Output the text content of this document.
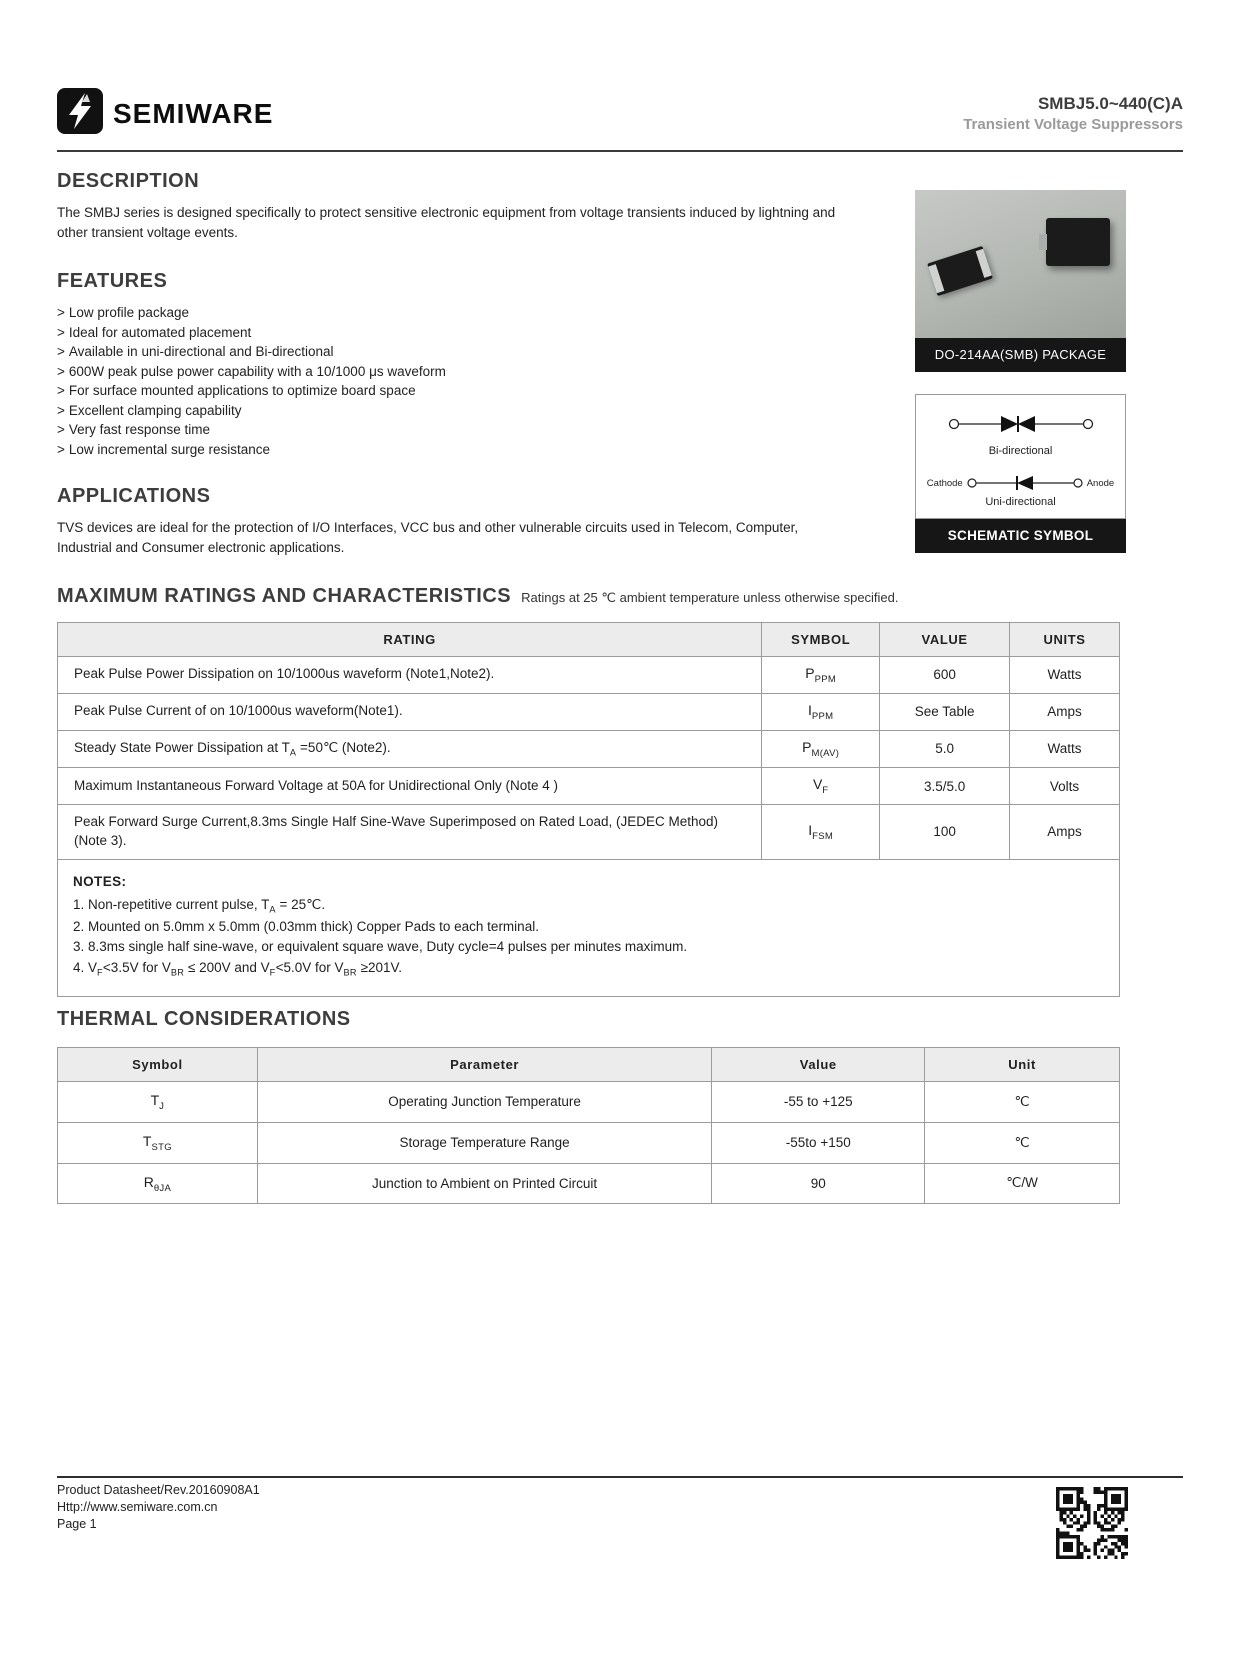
SEMIWARE	SMBJ5.0~440(C)A
Transient Voltage Suppressors
DESCRIPTION

The SMBJ series is designed specifically to protect sensitive electronic equipment from voltage transients induced by lightning and other transient voltage events.

FEATURES
> Low profile package
> Ideal for automated placement
> Available in uni-directional and Bi-directional
> 600W peak pulse power capability with a 10/1000 μs waveform
> For surface mounted applications to optimize board space
> Excellent clamping capability
> Very fast response time
> Low incremental surge resistance
APPLICATIONS

TVS devices are ideal for the protection of I/O Interfaces, VCC bus and other vulnerable circuits used in Telecom, Computer, Industrial and Consumer electronic applications.

DO-214AA(SMB) PACKAGE
Bi-directional
Cathode	Anode
Uni-directional
SCHEMATIC SYMBOL
MAXIMUM RATINGS AND CHARACTERISTICS Ratings at 25 ℃ ambient temperature unless otherwise specified.
RATING	SYMBOL	VALUE	UNITS
Peak Pulse Power Dissipation on 10/1000us waveform (Note1,Note2).	$P_{PPM}$	600	Watts
Peak Pulse Current of on 10/1000us waveform(Note1).	$I_{PPM}$	See Table	Amps
Steady State Power Dissipation at $T_A$ =50℃ (Note2).	$P_{M(AV)}$	5.0	Watts
Maximum Instantaneous Forward Voltage at 50A for Unidirectional Only (Note 4 )	$V_F$	3.5/5.0	Volts
Peak Forward Surge Current,8.3ms Single Half Sine-Wave Superimposed on Rated Load, (JEDEC Method) (Note 3).	$I_{FSM}$	100	Amps
NOTES:
1. Non-repetitive current pulse, $T_A$ = 25℃.
2. Mounted on 5.0mm x 5.0mm (0.03mm thick) Copper Pads to each terminal.
3. 8.3ms single half sine-wave, or equivalent square wave, Duty cycle=4 pulses per minutes maximum.
4. $V_F<3.5V$ for $V_{BR} \le 200V$ and $V_F<5.0V$ for $V_{BR} \ge 201V$.
THERMAL CONSIDERATIONS
Symbol	Parameter	Value	Unit
$T_J$	Operating Junction Temperature	-55 to +125	℃
$T_{STG}$	Storage Temperature Range	-55to +150	℃
$R_{\theta JA}$	Junction to Ambient on Printed Circuit	90	℃/W

Product Datasheet/Rev.20160908A1

Http://www.semiware.com.cn

Page 1
